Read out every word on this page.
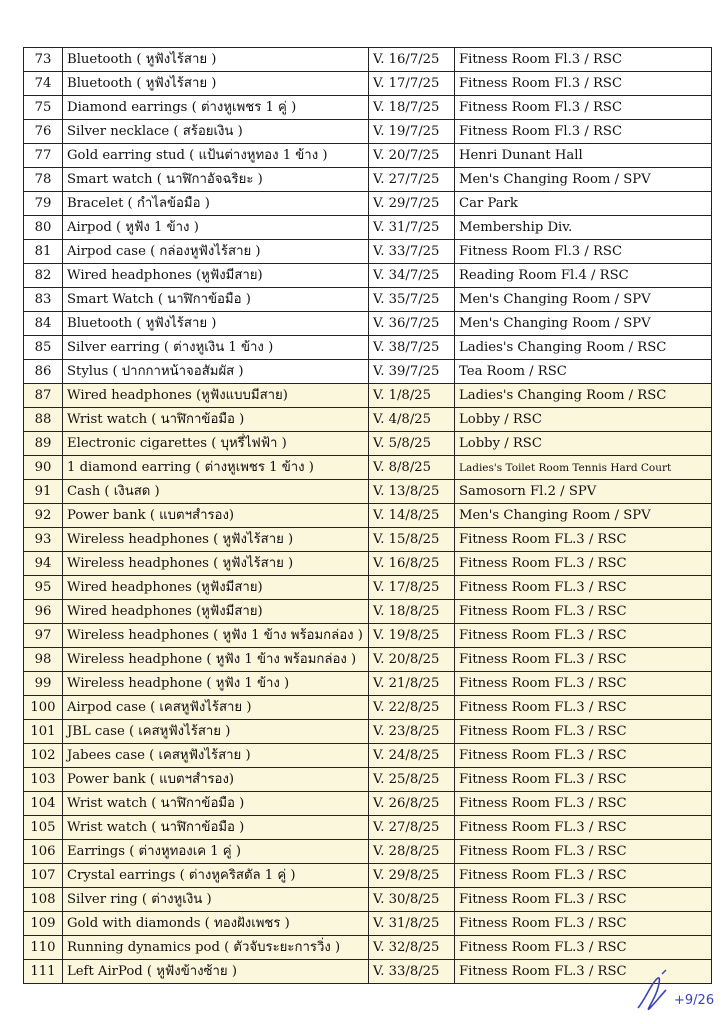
73	Bluetooth ( หูฟังไร้สาย )	V. 16/7/25	Fitness Room Fl.3 / RSC
74	Bluetooth ( หูฟังไร้สาย )	V. 17/7/25	Fitness Room Fl.3 / RSC
75	Diamond earrings ( ต่างหูเพชร 1 คู่ )	V. 18/7/25	Fitness Room Fl.3 / RSC
76	Silver necklace ( สร้อยเงิน )	V. 19/7/25	Fitness Room Fl.3 / RSC
77	Gold earring stud ( แป้นต่างหูทอง 1 ข้าง )	V. 20/7/25	Henri Dunant Hall
78	Smart watch ( นาฬิกาอัจฉริยะ )	V. 27/7/25	Men's Changing Room / SPV
79	Bracelet ( กำไลข้อมือ )	V. 29/7/25	Car Park
80	Airpod ( หูฟัง 1 ข้าง )	V. 31/7/25	Membership Div.
81	Airpod case ( กล่องหูฟังไร้สาย )	V. 33/7/25	Fitness Room Fl.3 / RSC
82	Wired headphones (หูฟังมีสาย)	V. 34/7/25	Reading Room Fl.4 / RSC
83	Smart Watch ( นาฬิกาข้อมือ )	V. 35/7/25	Men's Changing Room / SPV
84	Bluetooth ( หูฟังไร้สาย )	V. 36/7/25	Men's Changing Room / SPV
85	Silver earring ( ต่างหูเงิน 1 ข้าง )	V. 38/7/25	Ladies's Changing Room / RSC
86	Stylus ( ปากกาหน้าจอสัมผัส )	V. 39/7/25	Tea Room / RSC
87	Wired headphones (หูฟังแบบมีสาย)	V. 1/8/25	Ladies's Changing Room / RSC
88	Wrist watch ( นาฬิกาข้อมือ )	V. 4/8/25	Lobby / RSC
89	Electronic cigarettes ( บุหรี่ไฟฟ้า )	V. 5/8/25	Lobby / RSC
90	1 diamond earring ( ต่างหูเพชร 1 ข้าง )	V. 8/8/25	Ladies's Toilet Room Tennis Hard Court
91	Cash ( เงินสด )	V. 13/8/25	Samosorn Fl.2 / SPV
92	Power bank ( แบตฯสำรอง)	V. 14/8/25	Men's Changing Room / SPV
93	Wireless headphones ( หูฟังไร้สาย )	V. 15/8/25	Fitness Room FL.3 / RSC
94	Wireless headphones ( หูฟังไร้สาย )	V. 16/8/25	Fitness Room FL.3 / RSC
95	Wired headphones (หูฟังมีสาย)	V. 17/8/25	Fitness Room FL.3 / RSC
96	Wired headphones (หูฟังมีสาย)	V. 18/8/25	Fitness Room FL.3 / RSC
97	Wireless headphones ( หูฟัง 1 ข้าง พร้อมกล่อง )	V. 19/8/25	Fitness Room FL.3 / RSC
98	Wireless headphone ( หูฟัง 1 ข้าง พร้อมกล่อง )	V. 20/8/25	Fitness Room FL.3 / RSC
99	Wireless headphone ( หูฟัง 1 ข้าง )	V. 21/8/25	Fitness Room FL.3 / RSC
100	Airpod case ( เคสหูฟังไร้สาย )	V. 22/8/25	Fitness Room FL.3 / RSC
101	JBL case ( เคสหูฟังไร้สาย )	V. 23/8/25	Fitness Room FL.3 / RSC
102	Jabees case ( เคสหูฟังไร้สาย )	V. 24/8/25	Fitness Room FL.3 / RSC
103	Power bank ( แบตฯสำรอง)	V. 25/8/25	Fitness Room FL.3 / RSC
104	Wrist watch ( นาฬิกาข้อมือ )	V. 26/8/25	Fitness Room FL.3 / RSC
105	Wrist watch ( นาฬิกาข้อมือ )	V. 27/8/25	Fitness Room FL.3 / RSC
106	Earrings ( ต่างหูทองเค 1 คู่ )	V. 28/8/25	Fitness Room FL.3 / RSC
107	Crystal earrings ( ต่างหูคริสตัล 1 คู่ )	V. 29/8/25	Fitness Room FL.3 / RSC
108	Silver ring ( ต่างหูเงิน )	V. 30/8/25	Fitness Room FL.3 / RSC
109	Gold with diamonds ( ทองฝังเพชร )	V. 31/8/25	Fitness Room FL.3 / RSC
110	Running dynamics pod ( ตัวจับระยะการวิ่ง )	V. 32/8/25	Fitness Room FL.3 / RSC
111	Left AirPod ( หูฟังข้างซ้าย )	V. 33/8/25	Fitness Room FL.3 / RSC
+9/26
